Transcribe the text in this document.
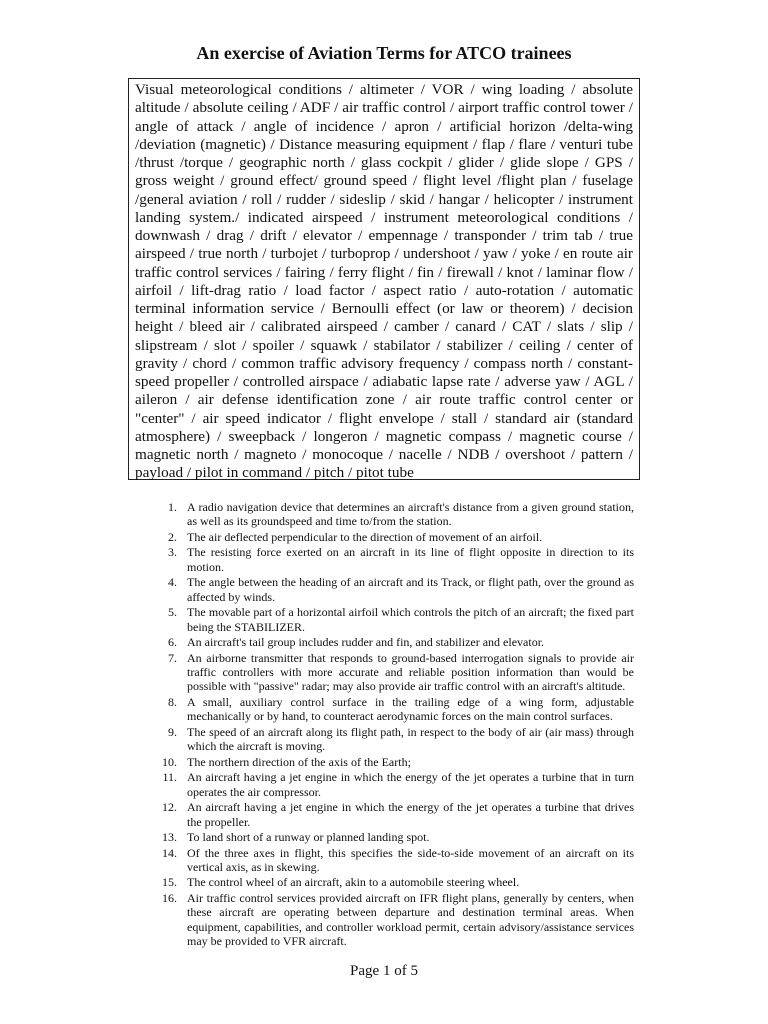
An exercise of Aviation Terms for ATCO trainees
Visual meteorological conditions / altimeter / VOR / wing loading / absolute altitude / absolute ceiling / ADF / air traffic control / airport traffic control tower / angle of attack / angle of incidence / apron / artificial horizon /delta-wing /deviation (magnetic) / Distance measuring equipment / flap / flare / venturi tube /thrust /torque / geographic north / glass cockpit / glider / glide slope / GPS / gross weight / ground effect/ ground speed / flight level /flight plan / fuselage /general aviation / roll / rudder / sideslip / skid / hangar / helicopter / instrument landing system./ indicated airspeed / instrument meteorological conditions / downwash / drag / drift / elevator / empennage / transponder / trim tab / true airspeed / true north / turbojet / turboprop / undershoot / yaw / yoke / en route air traffic control services / fairing / ferry flight / fin / firewall / knot / laminar flow / airfoil / lift-drag ratio / load factor / aspect ratio / auto-rotation / automatic terminal information service / Bernoulli effect (or law or theorem) / decision height / bleed air / calibrated airspeed / camber / canard / CAT / slats / slip / slipstream / slot / spoiler / squawk / stabilator / stabilizer / ceiling / center of gravity / chord / common traffic advisory frequency / compass north / constant-speed propeller / controlled airspace / adiabatic lapse rate / adverse yaw / AGL / aileron / air defense identification zone / air route traffic control center or "center" / air speed indicator / flight envelope / stall / standard air (standard atmosphere) / sweepback / longeron / magnetic compass / magnetic course / magnetic north / magneto / monocoque / nacelle / NDB / overshoot / pattern / payload / pilot in command / pitch / pitot tube
1. A radio navigation device that determines an aircraft's distance from a given ground station, as well as its groundspeed and time to/from the station.
2. The air deflected perpendicular to the direction of movement of an airfoil.
3. The resisting force exerted on an aircraft in its line of flight opposite in direction to its motion.
4. The angle between the heading of an aircraft and its Track, or flight path, over the ground as affected by winds.
5. The movable part of a horizontal airfoil which controls the pitch of an aircraft; the fixed part being the STABILIZER.
6. An aircraft's tail group includes rudder and fin, and stabilizer and elevator.
7. An airborne transmitter that responds to ground-based interrogation signals to provide air traffic controllers with more accurate and reliable position information than would be possible with "passive" radar; may also provide air traffic control with an aircraft's altitude.
8. A small, auxiliary control surface in the trailing edge of a wing form, adjustable mechanically or by hand, to counteract aerodynamic forces on the main control surfaces.
9. The speed of an aircraft along its flight path, in respect to the body of air (air mass) through which the aircraft is moving.
10. The northern direction of the axis of the Earth;
11. An aircraft having a jet engine in which the energy of the jet operates a turbine that in turn operates the air compressor.
12. An aircraft having a jet engine in which the energy of the jet operates a turbine that drives the propeller.
13. To land short of a runway or planned landing spot.
14. Of the three axes in flight, this specifies the side-to-side movement of an aircraft on its vertical axis, as in skewing.
15. The control wheel of an aircraft, akin to a automobile steering wheel.
16. Air traffic control services provided aircraft on IFR flight plans, generally by centers, when these aircraft are operating between departure and destination terminal areas. When equipment, capabilities, and controller workload permit, certain advisory/assistance services may be provided to VFR aircraft.
Page 1 of 5
